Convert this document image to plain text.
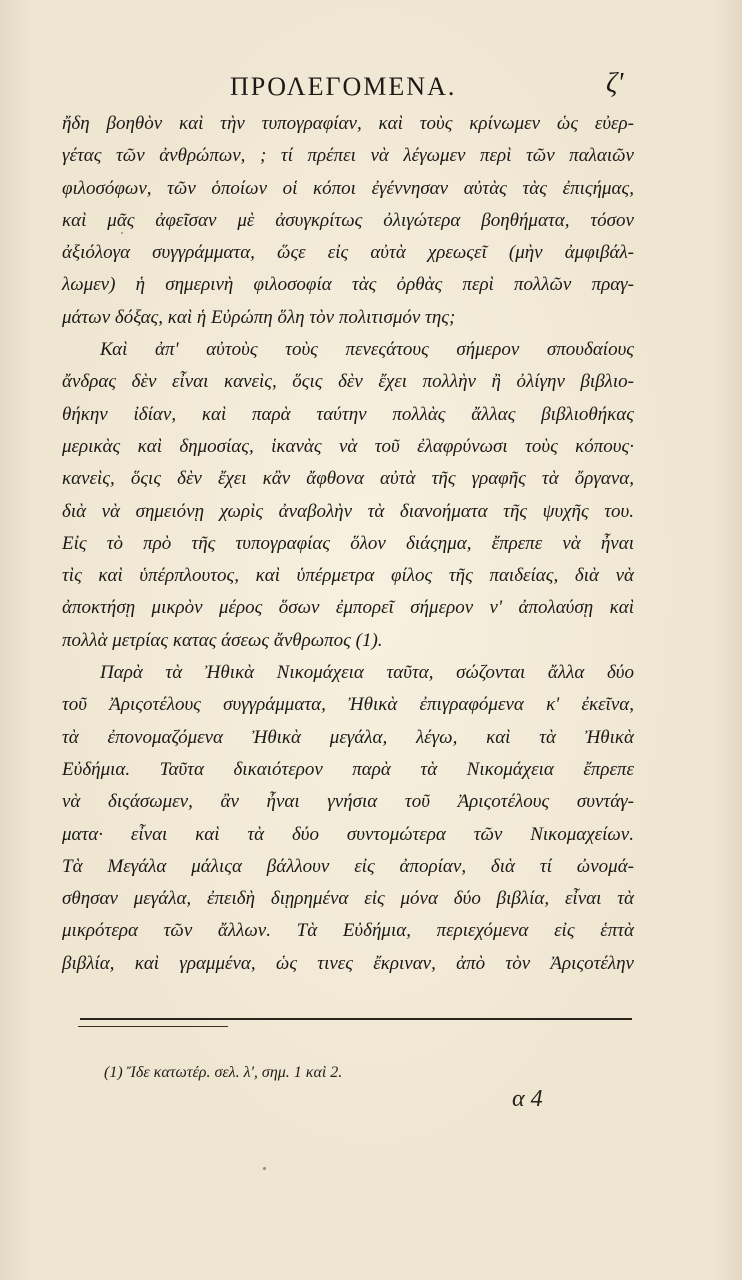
ΠΡΟΛΕΓΟΜΕΝΑ.	ζ'
ἤδη βοηθὸν καὶ τὴν τυπογραφίαν, καὶ τοὺς κρίνωμεν ὡς εὐερ-
γέτας τῶν ἀνθρώπων, ; τί πρέπει νὰ λέγωμεν περὶ τῶν παλαιῶν
φιλοσόφων, τῶν ὁποίων οἱ κόποι ἐγέννησαν αὐτὰς τὰς ἐπιςήμας,
καὶ μᾶς ἀφεῖσαν μὲ ἀσυγκρίτως ὀλιγώτερα βοηθήματα, τόσον
ἀξιόλογα συγγράμματα, ὥςε εἰς αὐτὰ χρεωςεῖ (μὴν ἀμφιβάλ-
λωμεν) ἡ σημερινὴ φιλοσοφία τὰς ὀρθὰς περὶ πολλῶν πραγ-
μάτων δόξας, καὶ ἡ Εὐρώπη ὅλη τὸν πολιτισμόν της;
Καὶ ἀπ' αὐτοὺς τοὺς πενεςάτους σήμερον σπουδαίους
ἄνδρας δὲν εἶναι κανεὶς, ὅςις δὲν ἔχει πολλὴν ἢ ὀλίγην βιβλιο-
θήκην ἰδίαν, καὶ παρὰ ταύτην πολλὰς ἄλλας βιβλιοθήκας
μερικὰς καὶ δημοσίας, ἱκανὰς νὰ τοῦ ἐλαφρύνωσι τοὺς κόπους·
κανεὶς, ὅςις δὲν ἔχει κἂν ἄφθονα αὐτὰ τῆς γραφῆς τὰ ὄργανα,
διὰ νὰ σημειόνῃ χωρὶς ἀναβολὴν τὰ διανοήματα τῆς ψυχῆς του.
Εἰς τὸ πρὸ τῆς τυπογραφίας ὅλον διάςημα, ἔπρεπε νὰ ἦναι
τὶς καὶ ὑπέρπλουτος, καὶ ὑπέρμετρα φίλος τῆς παιδείας, διὰ νὰ
ἀποκτήσῃ μικρὸν μέρος ὅσων ἐμπορεῖ σήμερον ν' ἀπολαύσῃ καὶ
πολλὰ μετρίας κατας άσεως ἄνθρωπος (1).
Παρὰ τὰ Ἠθικὰ Νικομάχεια ταῦτα, σώζονται ἄλλα δύο
τοῦ Ἀριςοτέλους συγγράμματα, Ἠθικὰ ἐπιγραφόμενα κ' ἐκεῖνα,
τὰ ἐπονομαζόμενα Ἠθικὰ μεγάλα, λέγω, καὶ τὰ Ἠθικὰ
Εὐδήμια. Ταῦτα δικαιότερον παρὰ τὰ Νικομάχεια ἔπρεπε
νὰ διςάσωμεν, ἂν ἦναι γνήσια τοῦ Ἀριςοτέλους συντάγ-
ματα· εἶναι καὶ τὰ δύο συντομώτερα τῶν Νικομαχείων.
Τὰ Μεγάλα μάλιςα βάλλουν εἰς ἀπορίαν, διὰ τί ὠνομά-
σθησαν μεγάλα, ἐπειδὴ διῃρημένα εἰς μόνα δύο βιβλία, εἶναι τὰ
μικρότερα τῶν ἄλλων. Τὰ Εὐδήμια, περιεχόμενα εἰς ἑπτὰ
βιβλία, καὶ γραμμένα, ὡς τινες ἔκριναν, ἀπὸ τὸν Ἀριςοτέλην
(1) Ἴδε κατωτέρ. σελ. λ', σημ. 1 καὶ 2.
α 4
